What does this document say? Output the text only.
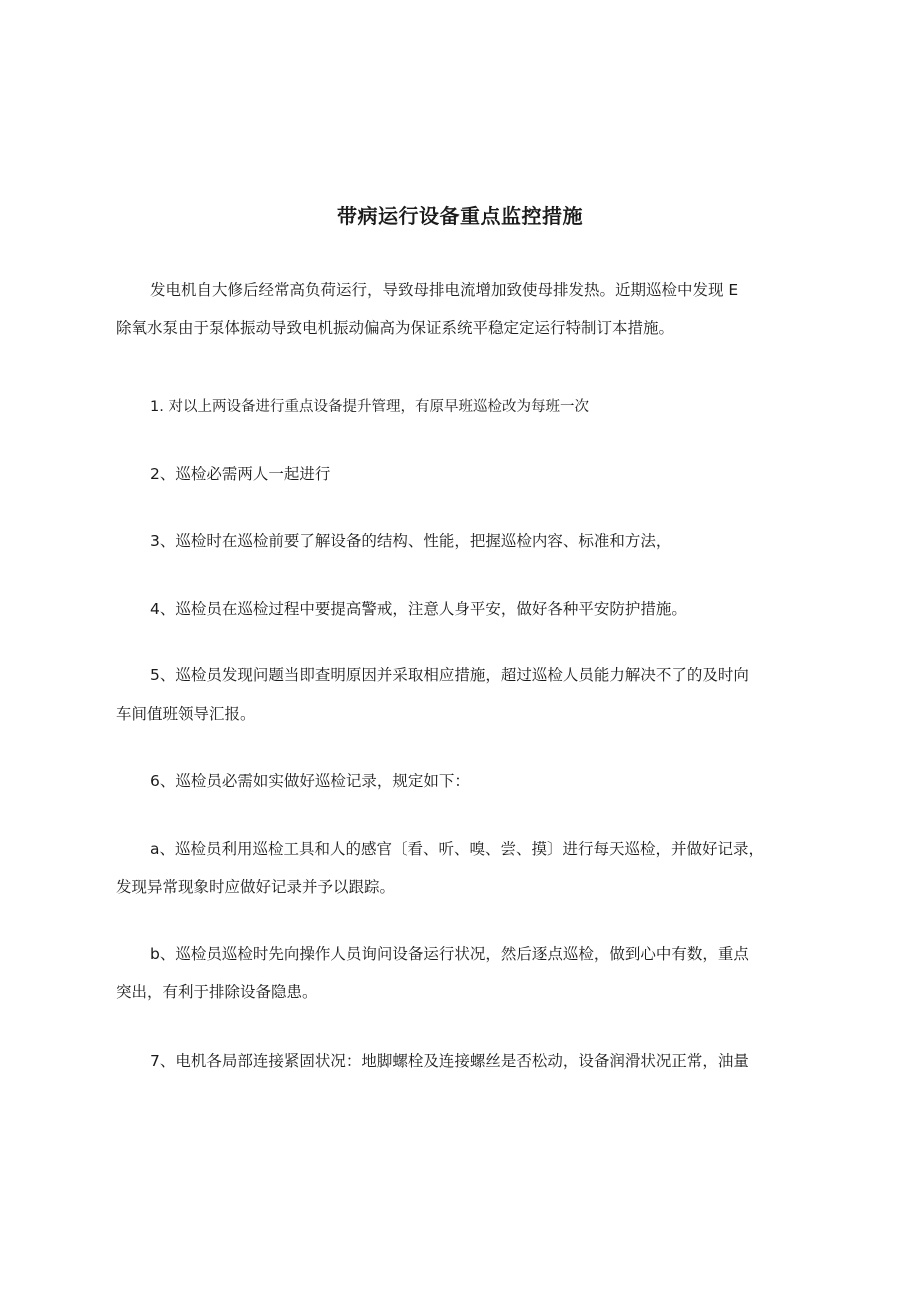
带病运行设备重点监控措施
发电机自大修后经常高负荷运行，导致母排电流增加致使母排发热。近期巡检中发现 E
除氧水泵由于泵体振动导致电机振动偏高为保证系统平稳定定运行特制订本措施。
1. 对以上两设备进行重点设备提升管理，有原早班巡检改为每班一次
2、巡检必需两人一起进行
3、巡检时在巡检前要了解设备的结构、性能，把握巡检内容、标准和方法，
4、巡检员在巡检过程中要提高警戒，注意人身平安，做好各种平安防护措施。
5、巡检员发现问题当即查明原因并采取相应措施，超过巡检人员能力解决不了的及时向
车间值班领导汇报。
6、巡检员必需如实做好巡检记录，规定如下：
a、巡检员利用巡检工具和人的感官〔看、听、嗅、尝、摸〕进行每天巡检，并做好记录，
发现异常现象时应做好记录并予以跟踪。
b、巡检员巡检时先向操作人员询问设备运行状况，然后逐点巡检，做到心中有数，重点
突出，有利于排除设备隐患。
7、电机各局部连接紧固状况：地脚螺栓及连接螺丝是否松动，设备润滑状况正常，油量
